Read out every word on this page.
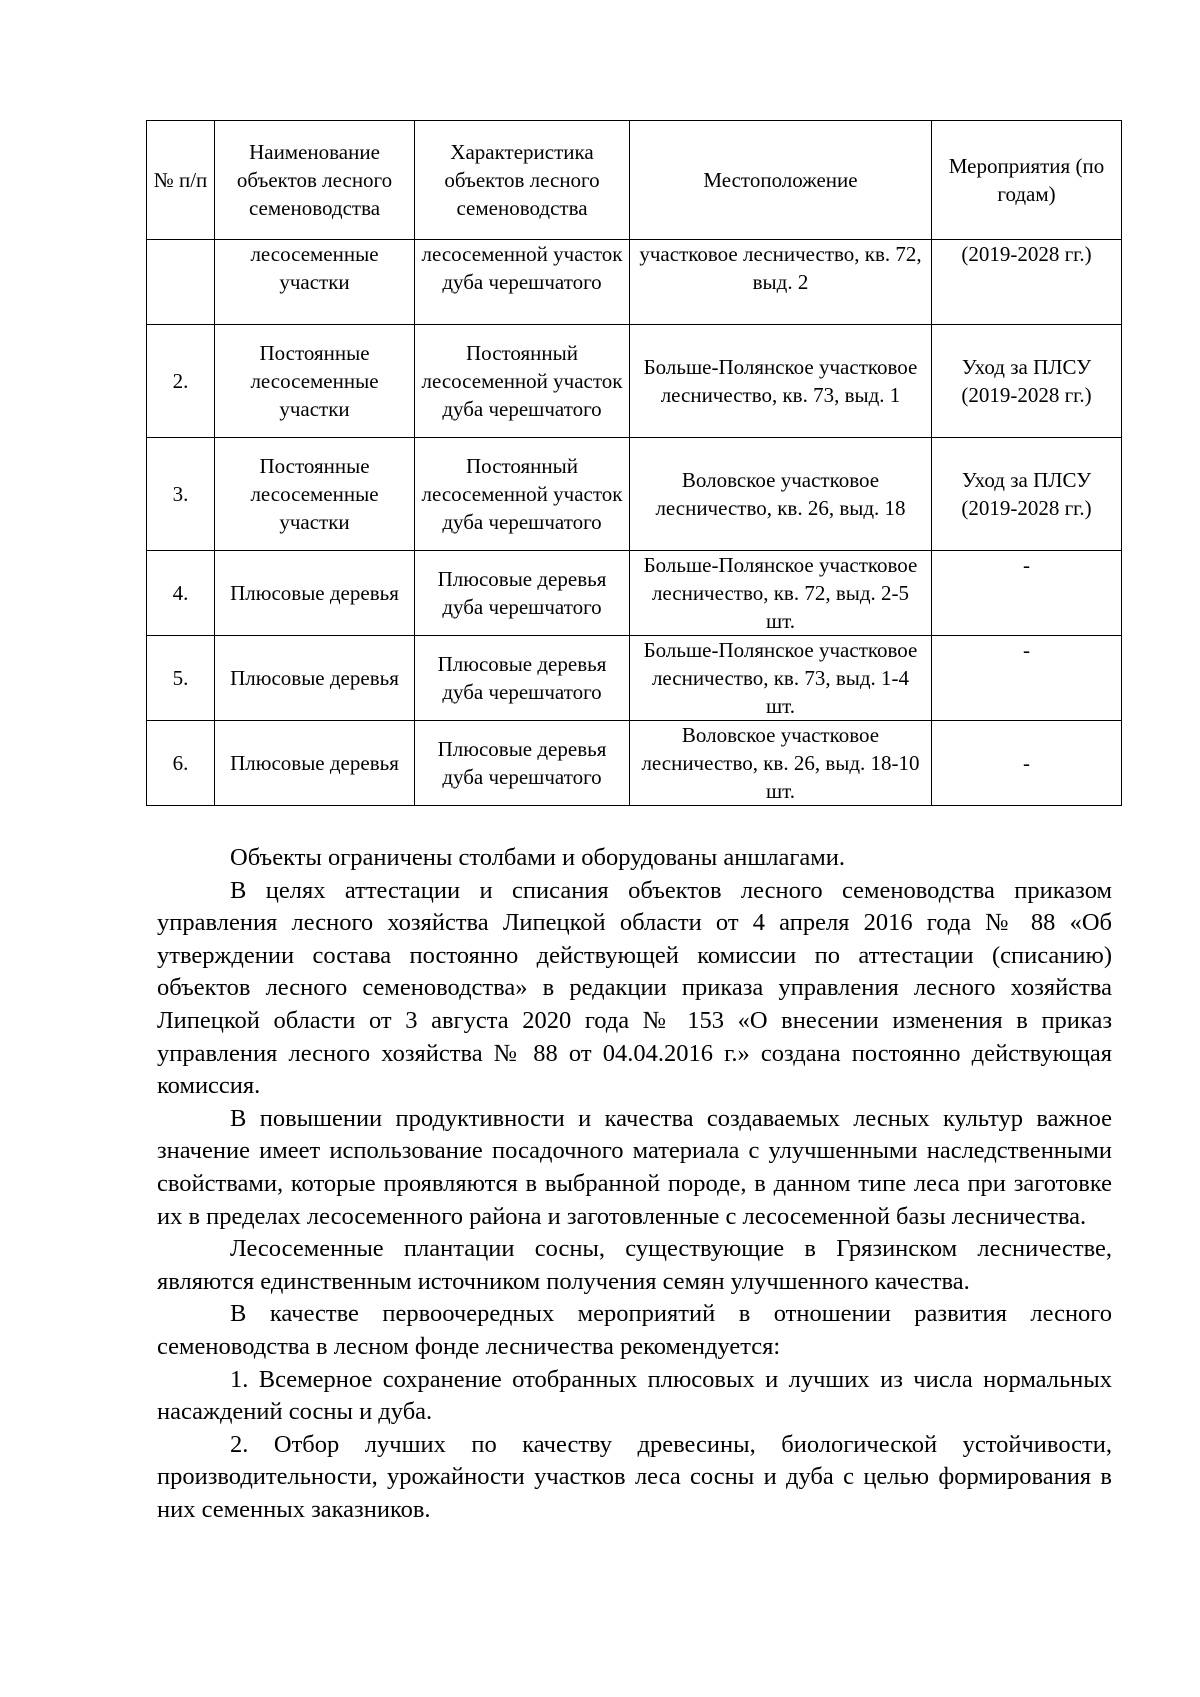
№ п/п	Наименование объектов лесного семеноводства	Характеристика объектов лесного семеноводства	Местоположение	Мероприятия (по годам)
	лесосеменные участки	лесосеменной участок дуба черешчатого	участковое лесничество, кв. 72, выд. 2	(2019-2028 гг.)
2.	Постоянные лесосеменные участки	Постоянный лесосеменной участок дуба черешчатого	Больше-Полянское участковое лесничество, кв. 73, выд. 1	Уход за ПЛСУ (2019-2028 гг.)
3.	Постоянные лесосеменные участки	Постоянный лесосеменной участок дуба черешчатого	Воловское участковое лесничество, кв. 26, выд. 18	Уход за ПЛСУ (2019-2028 гг.)
4.	Плюсовые деревья	Плюсовые деревья дуба черешчатого	Больше-Полянское участковое лесничество, кв. 72, выд. 2-5 шт.	-
5.	Плюсовые деревья	Плюсовые деревья дуба черешчатого	Больше-Полянское участковое лесничество, кв. 73, выд. 1-4 шт.	-
6.	Плюсовые деревья	Плюсовые деревья дуба черешчатого	Воловское участковое лесничество, кв. 26, выд. 18-10 шт.	-

Объекты ограничены столбами и оборудованы аншлагами.

В целях аттестации и списания объектов лесного семеноводства приказом управления лесного хозяйства Липецкой области от 4 апреля 2016 года № 88 «Об утверждении состава постоянно действующей комиссии по аттестации (списанию) объектов лесного семеноводства» в редакции приказа управления лесного хозяйства Липецкой области от 3 августа 2020 года № 153 «О внесении изменения в приказ управления лесного хозяйства № 88 от 04.04.2016 г.» создана постоянно действующая комиссия.

В повышении продуктивности и качества создаваемых лесных культур важное значение имеет использование посадочного материала с улучшенными наследственными свойствами, которые проявляются в выбранной породе, в данном типе леса при заготовке их в пределах лесосеменного района и заготовленные с лесосеменной базы лесничества.

Лесосеменные плантации сосны, существующие в Грязинском лесничестве, являются единственным источником получения семян улучшенного качества.

В качестве первоочередных мероприятий в отношении развития лесного семеноводства в лесном фонде лесничества рекомендуется:

1. Всемерное сохранение отобранных плюсовых и лучших из числа нормальных насаждений сосны и дуба.

2. Отбор лучших по качеству древесины, биологической устойчивости, производительности, урожайности участков леса сосны и дуба с целью формирования в них семенных заказников.
